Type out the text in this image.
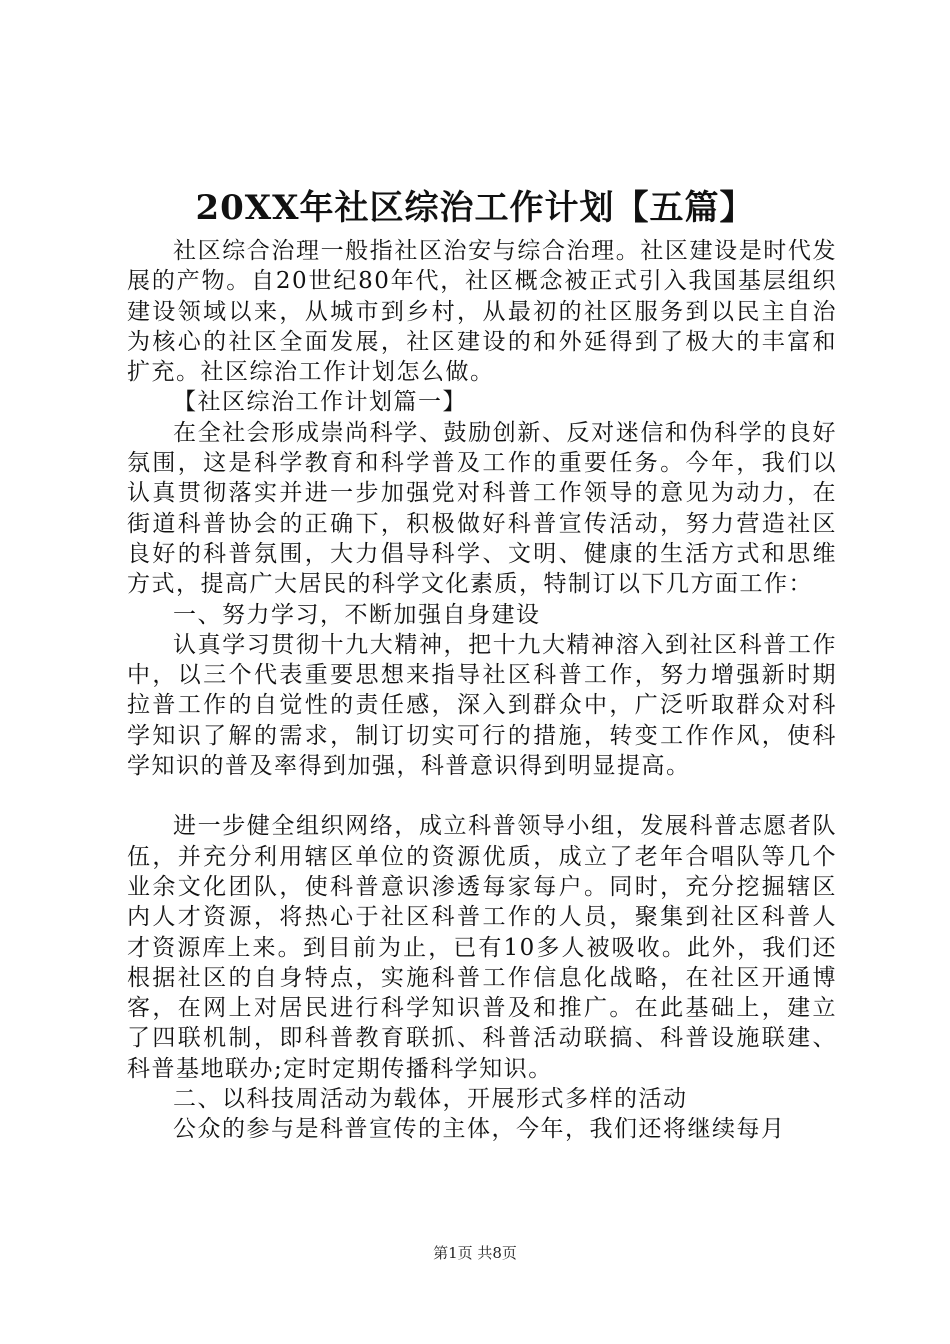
20XX年社区综治工作计划【五篇】

社区综合治理一般指社区治安与综合治理。社区建设是时代发展的产物。自20世纪80年代，社区概念被正式引入我国基层组织建设领域以来，从城市到乡村，从最初的社区服务到以民主自治为核心的社区全面发展，社区建设的和外延得到了极大的丰富和扩充。社区综治工作计划怎么做。

【社区综治工作计划篇一】

在全社会形成崇尚科学、鼓励创新、反对迷信和伪科学的良好氛围，这是科学教育和科学普及工作的重要任务。今年，我们以认真贯彻落实并进一步加强党对科普工作领导的意见为动力，在街道科普协会的正确下，积极做好科普宣传活动，努力营造社区良好的科普氛围，大力倡导科学、文明、健康的生活方式和思维方式，提高广大居民的科学文化素质，特制订以下几方面工作：

一、努力学习，不断加强自身建设

认真学习贯彻十九大精神，把十九大精神溶入到社区科普工作中，以三个代表重要思想来指导社区科普工作，努力增强新时期拉普工作的自觉性的责任感，深入到群众中，广泛听取群众对科学知识了解的需求，制订切实可行的措施，转变工作作风，使科学知识的普及率得到加强，科普意识得到明显提高。

进一步健全组织网络，成立科普领导小组，发展科普志愿者队伍，并充分利用辖区单位的资源优质，成立了老年合唱队等几个业余文化团队，使科普意识渗透每家每户。同时，充分挖掘辖区内人才资源，将热心于社区科普工作的人员，聚集到社区科普人才资源库上来。到目前为止，已有10多人被吸收。此外，我们还根据社区的自身特点，实施科普工作信息化战略，在社区开通博客，在网上对居民进行科学知识普及和推广。在此基础上，建立了四联机制，即科普教育联抓、科普活动联搞、科普设施联建、科普基地联办;定时定期传播科学知识。

二、以科技周活动为载体，开展形式多样的活动

公众的参与是科普宣传的主体，今年，我们还将继续每月

第1页 共8页
